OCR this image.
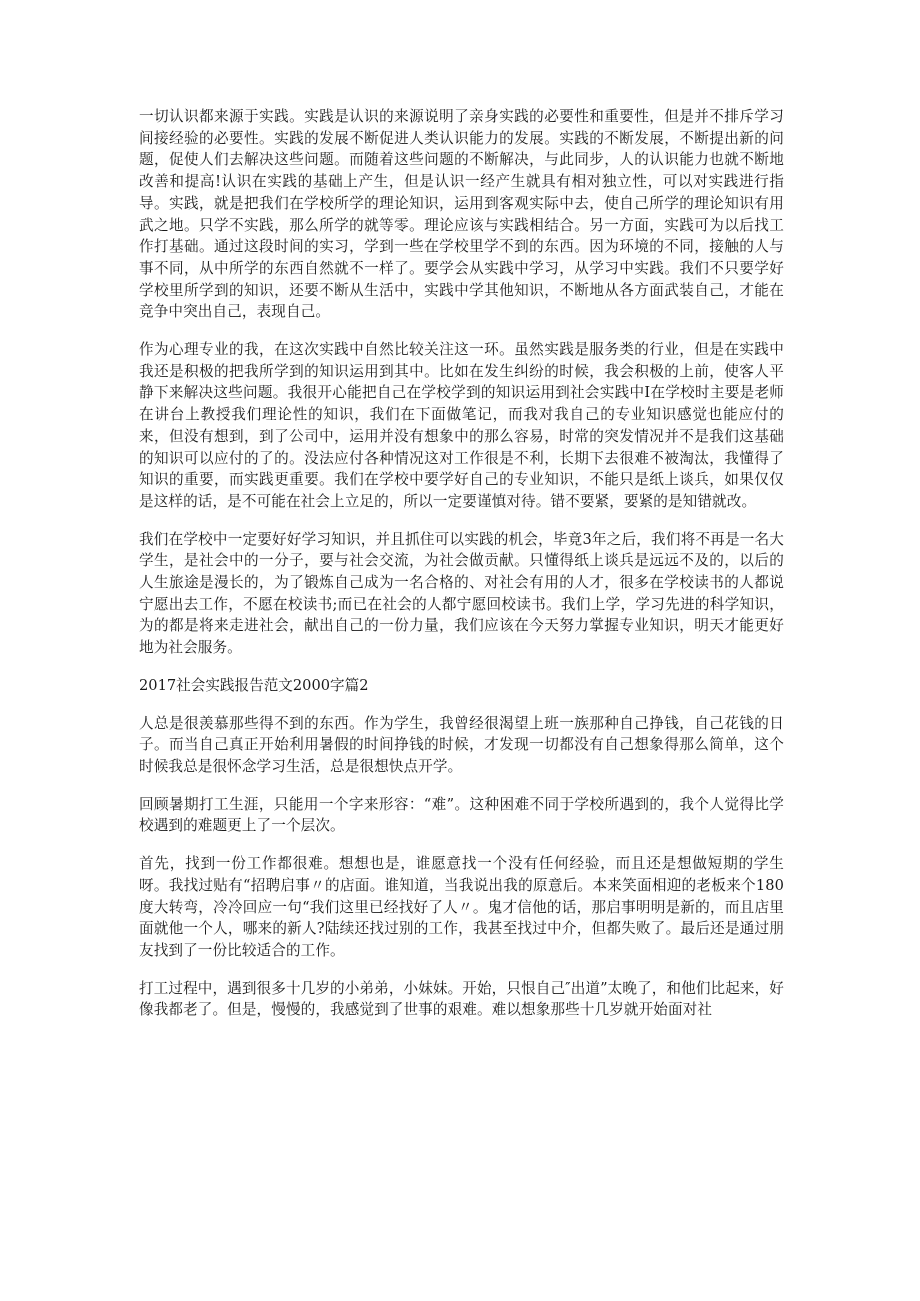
一切认识都来源于实践。实践是认识的来源说明了亲身实践的必要性和重要性，但是并不排斥学习间接经验的必要性。实践的发展不断促进人类认识能力的发展。实践的不断发展，不断提出新的问题，促使人们去解决这些问题。而随着这些问题的不断解决，与此同步，人的认识能力也就不断地改善和提高!认识在实践的基础上产生，但是认识一经产生就具有相对独立性，可以对实践进行指导。实践，就是把我们在学校所学的理论知识，运用到客观实际中去，使自己所学的理论知识有用武之地。只学不实践，那么所学的就等零。理论应该与实践相结合。另一方面，实践可为以后找工作打基础。通过这段时间的实习，学到一些在学校里学不到的东西。因为环境的不同，接触的人与事不同，从中所学的东西自然就不一样了。要学会从实践中学习，从学习中实践。我们不只要学好学校里所学到的知识，还要不断从生活中，实践中学其他知识，不断地从各方面武装自己，才能在竞争中突出自己，表现自己。

作为心理专业的我，在这次实践中自然比较关注这一环。虽然实践是服务类的行业，但是在实践中我还是积极的把我所学到的知识运用到其中。比如在发生纠纷的时候，我会积极的上前，使客人平静下来解决这些问题。我很开心能把自己在学校学到的知识运用到社会实践中I在学校时主要是老师在讲台上教授我们理论性的知识，我们在下面做笔记，而我对我自己的专业知识感觉也能应付的来，但没有想到，到了公司中，运用并没有想象中的那么容易，时常的突发情况并不是我们这基础的知识可以应付的了的。没法应付各种情况这对工作很是不利，长期下去很难不被淘汰，我懂得了知识的重要，而实践更重要。我们在学校中要学好自己的专业知识，不能只是纸上谈兵，如果仅仅是这样的话，是不可能在社会上立足的，所以一定要谨慎对待。错不要紧，要紧的是知错就改。

我们在学校中一定要好好学习知识，并且抓住可以实践的机会，毕竟3年之后，我们将不再是一名大学生，是社会中的一分子，要与社会交流，为社会做贡献。只懂得纸上谈兵是远远不及的，以后的人生旅途是漫长的，为了锻炼自己成为一名合格的、对社会有用的人才，很多在学校读书的人都说宁愿出去工作，不愿在校读书;而已在社会的人都宁愿回校读书。我们上学，学习先进的科学知识，为的都是将来走进社会，献出自己的一份力量，我们应该在今天努力掌握专业知识，明天才能更好地为社会服务。

2017社会实践报告范文2000字篇2

人总是很羡慕那些得不到的东西。作为学生，我曾经很渴望上班一族那种自己挣钱，自己花钱的日子。而当自己真正开始利用暑假的时间挣钱的时候，才发现一切都没有自己想象得那么简单，这个时候我总是很怀念学习生活，总是很想快点开学。

回顾暑期打工生涯，只能用一个字来形容：“难”。这种困难不同于学校所遇到的，我个人觉得比学校遇到的难题更上了一个层次。

首先，找到一份工作都很难。想想也是，谁愿意找一个没有任何经验，而且还是想做短期的学生呀。我找过贴有“招聘启事〃的店面。谁知道，当我说出我的原意后。本来笑面相迎的老板来个180度大转弯，冷冷回应一句“我们这里已经找好了人〃。鬼才信他的话，那启事明明是新的，而且店里面就他一个人，哪来的新人?陆续还找过别的工作，我甚至找过中介，但都失败了。最后还是通过朋友找到了一份比较适合的工作。

打工过程中，遇到很多十几岁的小弟弟，小妹妹。开始，只恨自己″出道”太晚了，和他们比起来，好像我都老了。但是，慢慢的，我感觉到了世事的艰难。难以想象那些十几岁就开始面对社
